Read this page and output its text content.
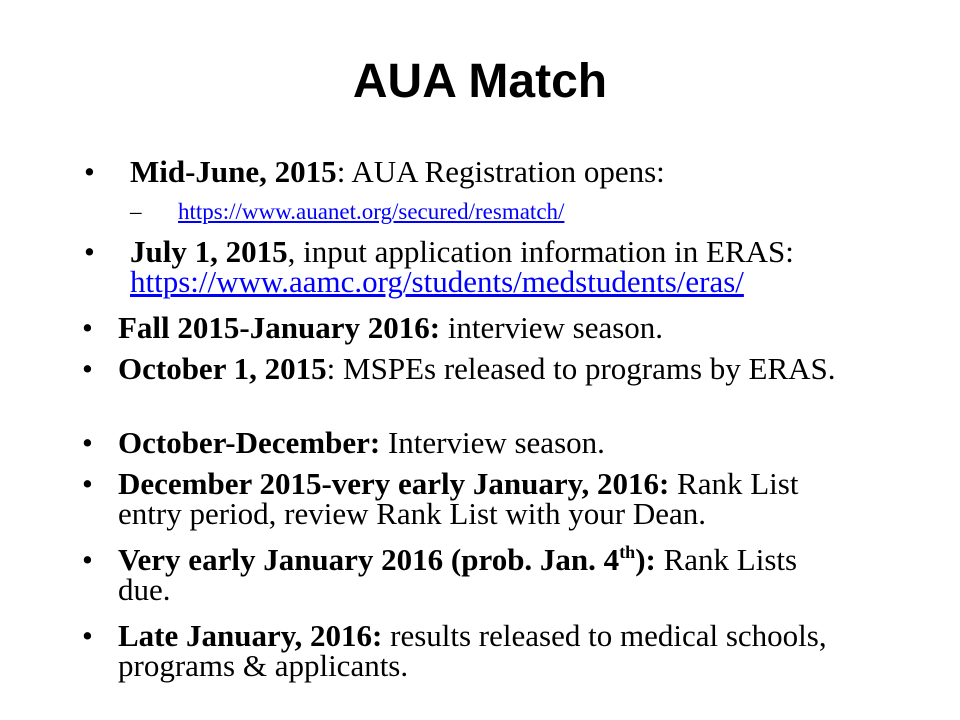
AUA Match
• Mid-June, 2015: AUA Registration opens:
– https://www.auanet.org/secured/resmatch/
• July 1, 2015, input application information in ERAS: https://www.aamc.org/students/medstudents/eras/
• Fall 2015-January 2016: interview season.
• October 1, 2015: MSPEs released to programs by ERAS.
• October-December: Interview season.
• December 2015-very early January, 2016: Rank List entry period, review Rank List with your Dean.
• Very early January 2016 (prob. Jan. 4th): Rank Lists due.
• Late January, 2016: results released to medical schools, programs & applicants.
